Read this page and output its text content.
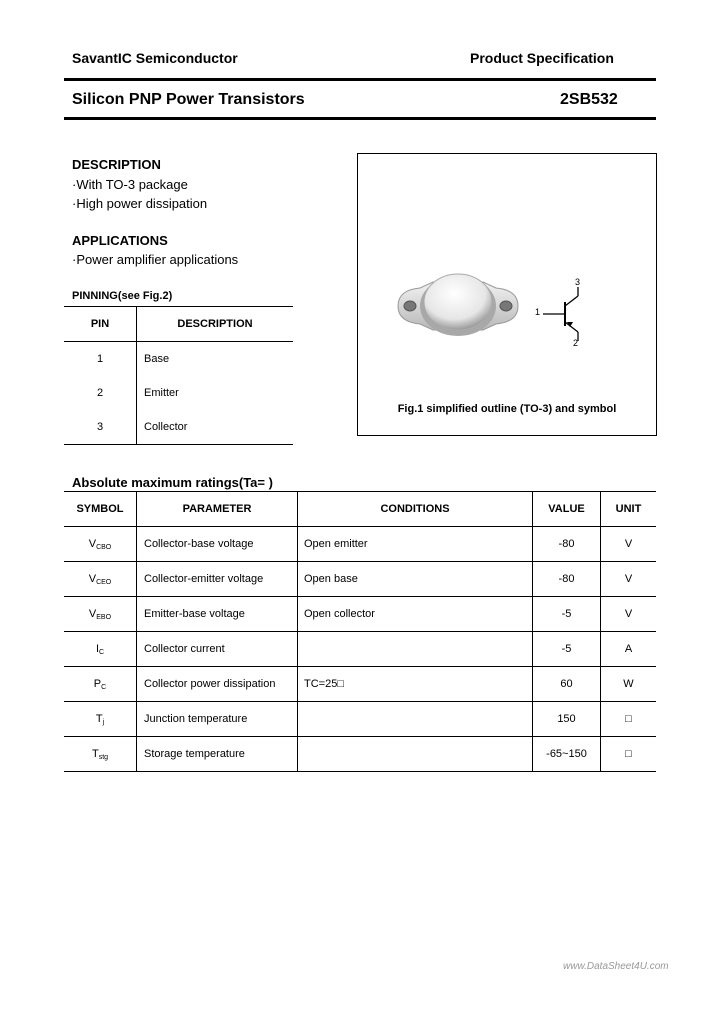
SavantIC Semiconductor	Product Specification
Silicon PNP Power Transistors	2SB532
DESCRIPTION
·With TO-3 package
·High power dissipation
APPLICATIONS
·Power amplifier applications
PINNING(see Fig.2)
PIN	DESCRIPTION
1	Base
2	Emitter
3	Collector
1
2
3
Fig.1 simplified outline (TO-3) and symbol
Absolute maximum ratings(Ta= )
SYMBOL	PARAMETER	CONDITIONS	VALUE	UNIT
$V_{CBO}$	Collector-base voltage	Open emitter	-80	V
$V_{CEO}$	Collector-emitter voltage	Open base	-80	V
$V_{EBO}$	Emitter-base voltage	Open collector	-5	V
$I_C$	Collector current		-5	A
$P_C$	Collector power dissipation	TC=25□	60	W
$T_j$	Junction temperature		150	□
$T_{stg}$	Storage temperature		-65~150	□
www.DataSheet4U.com
